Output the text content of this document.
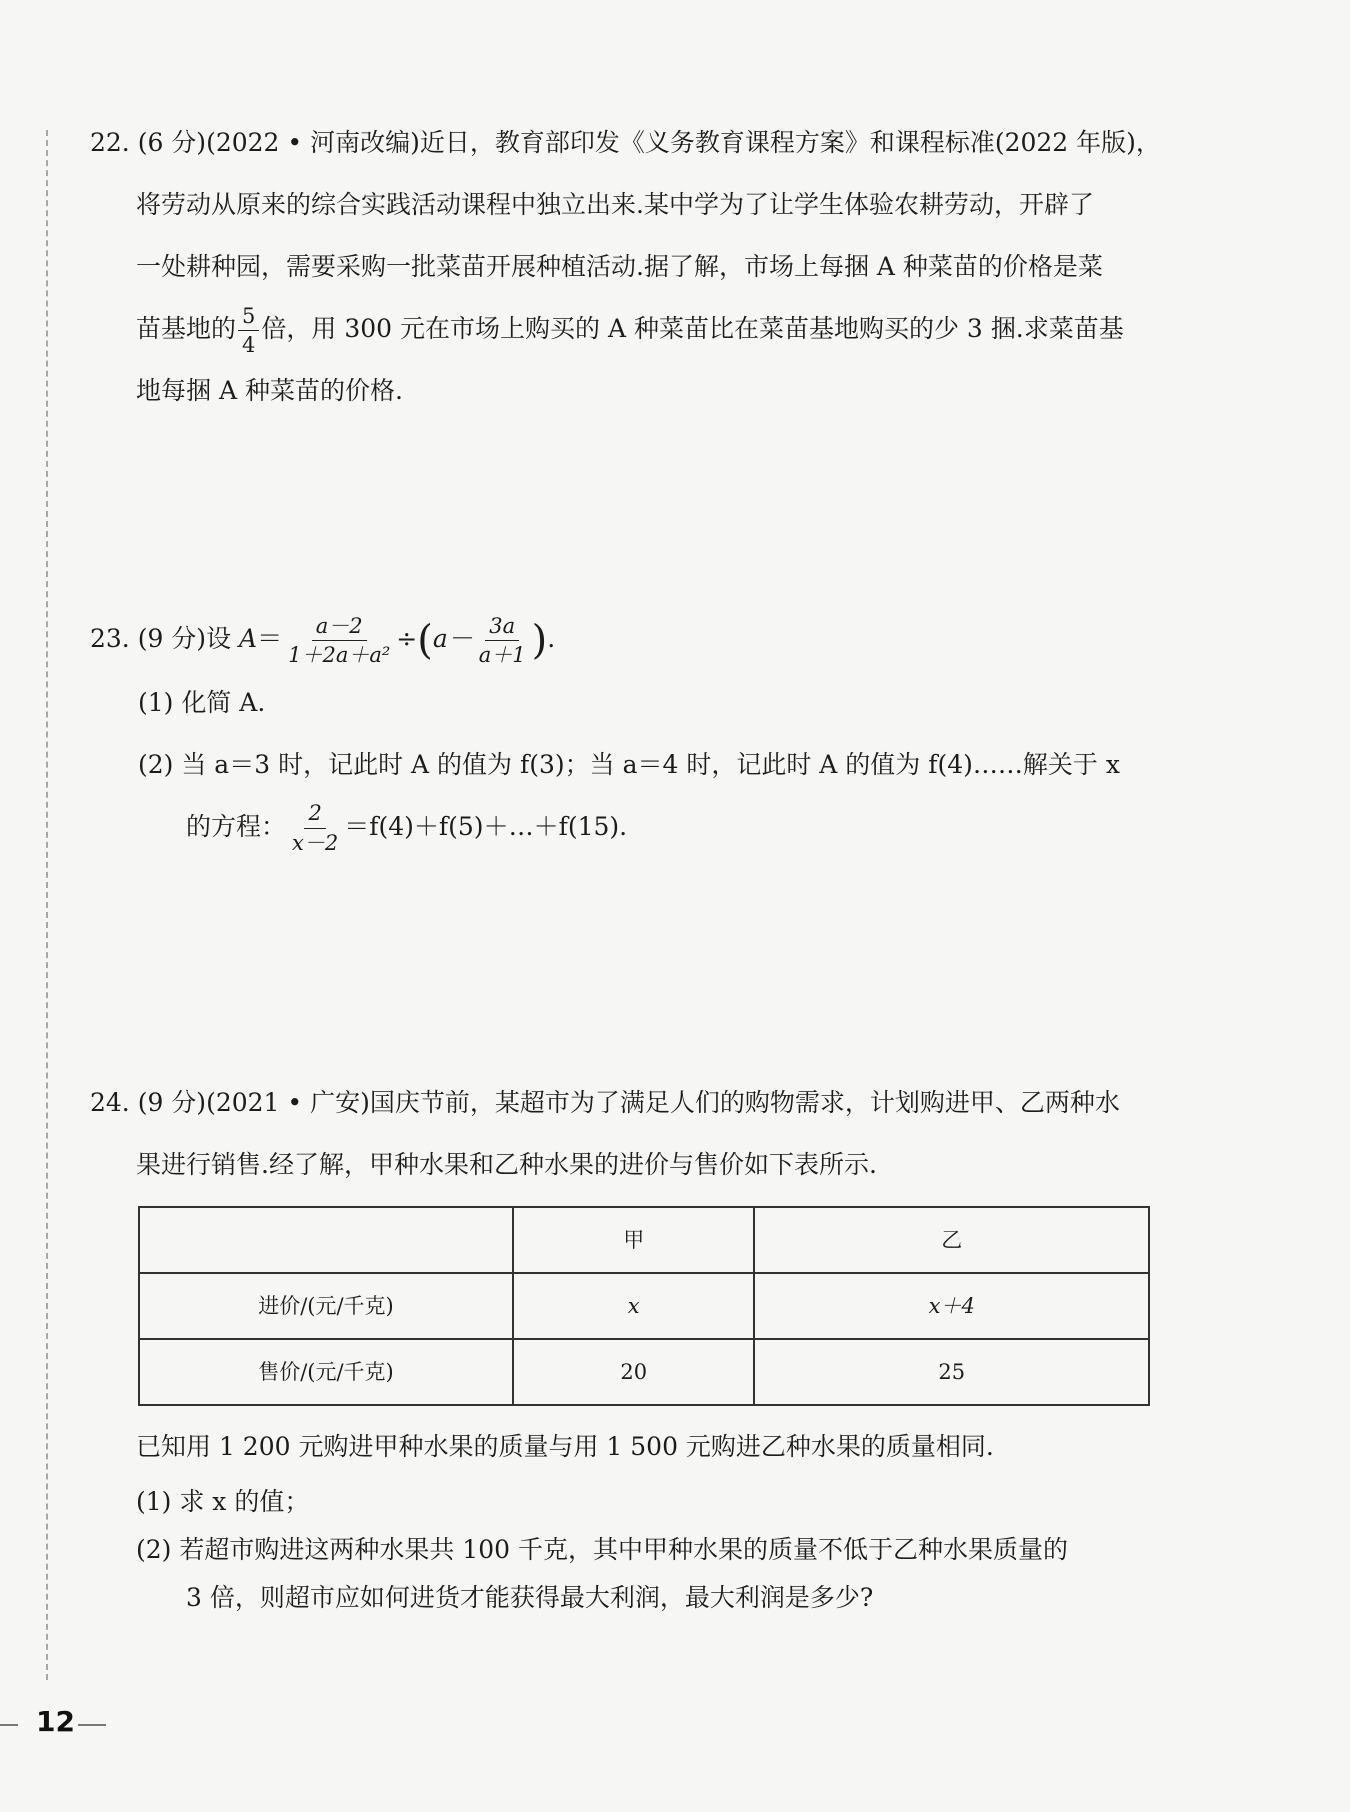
22. (6 分)(2022 • 河南改编)近日，教育部印发《义务教育课程方案》和课程标准(2022 年版)，
将劳动从原来的综合实践活动课程中独立出来.某中学为了让学生体验农耕劳动，开辟了
一处耕种园，需要采购一批菜苗开展种植活动.据了解，市场上每捆 A 种菜苗的价格是菜
苗基地的 $\frac{5}{4}$ 倍，用 300 元在市场上购买的 A 种菜苗比在菜苗基地购买的少 3 捆.求菜苗基
地每捆 A 种菜苗的价格.
23. (9 分)设 $A= \frac{a-2}{\text{1＋2a＋a²}} \div(a- \frac{3a}{a+1}$ ).
(1) 化简 A.
(2) 当 a＝3 时，记此时 A 的值为 f(3)；当 a＝4 时，记此时 A 的值为 f(4)……解关于 x
的方程： $\frac{2}{x-2}$ ＝f(4)＋f(5)＋…＋f(15).
24. (9 分)(2021 • 广安)国庆节前，某超市为了满足人们的购物需求，计划购进甲、乙两种水
果进行销售.经了解，甲种水果和乙种水果的进价与售价如下表所示.
	甲	乙
进价/(元/千克)	x	x＋4
售价/(元/千克)	20	25
已知用 1 200 元购进甲种水果的质量与用 1 500 元购进乙种水果的质量相同.
(1) 求 x 的值；
(2) 若超市购进这两种水果共 100 千克，其中甲种水果的质量不低于乙种水果质量的
3 倍，则超市应如何进货才能获得最大利润，最大利润是多少?
12
